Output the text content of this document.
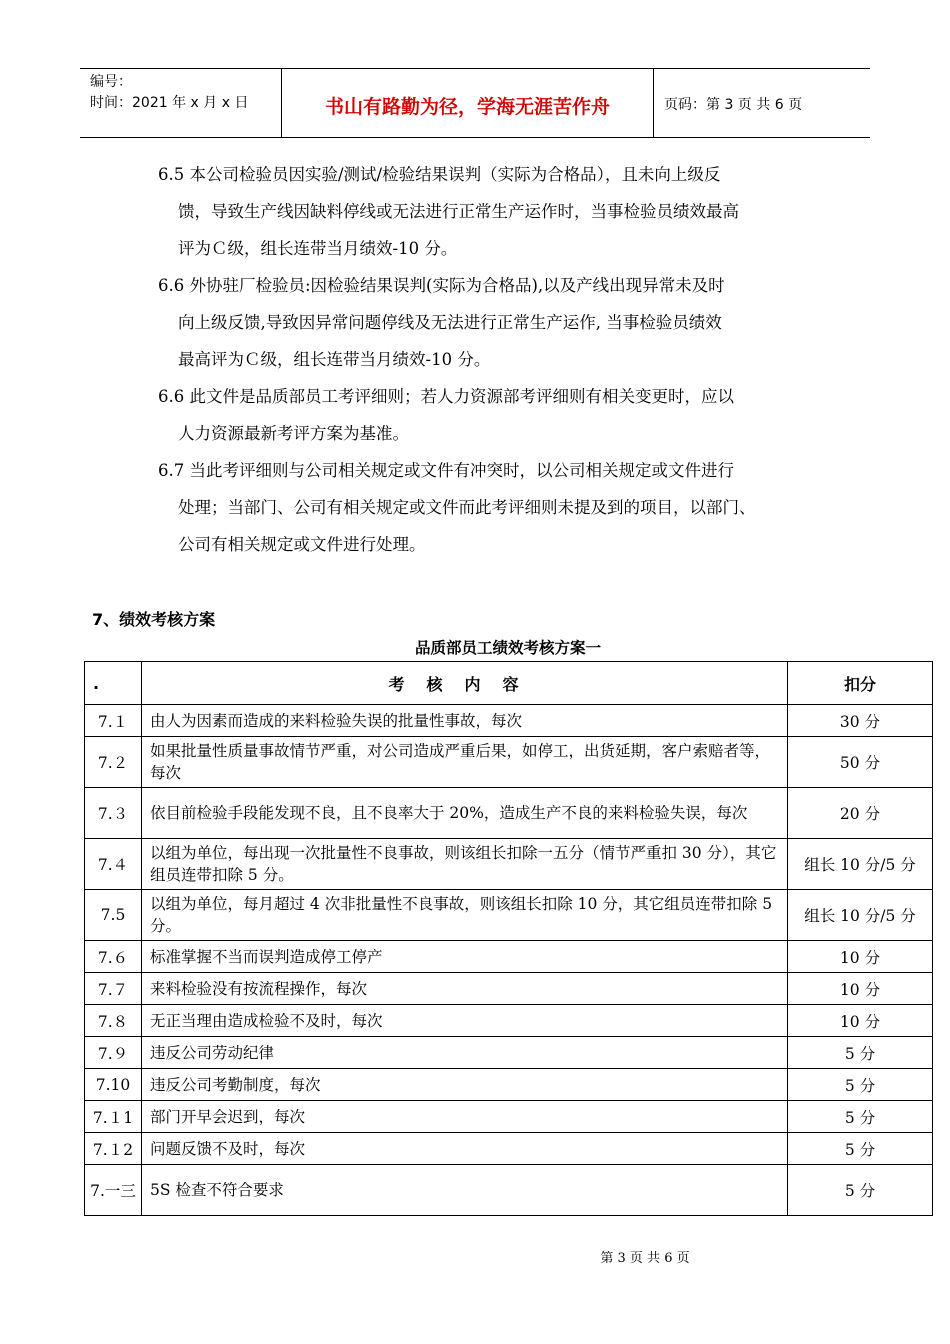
编号：
时间：2021 年 x 月 x 日	书山有路勤为径，学海无涯苦作舟	页码：第 3 页 共 6 页
6.5 本公司检验员因实验/测试/检验结果误判（实际为合格品），且未向上级反
馈，导致生产线因缺料停线或无法进行正常生产运作时，当事检验员绩效最高
评为Ｃ级，组长连带当月绩效-10 分。
6.6 外协驻厂检验员:因检验结果误判(实际为合格品),以及产线出现异常未及时
向上级反馈,导致因异常问题停线及无法进行正常生产运作, 当事检验员绩效
最高评为Ｃ级，组长连带当月绩效-10 分。
6.6 此文件是品质部员工考评细则；若人力资源部考评细则有相关变更时，应以
人力资源最新考评方案为基准。
6.7 当此考评细则与公司相关规定或文件有冲突时，以公司相关规定或文件进行
处理；当部门、公司有相关规定或文件而此考评细则未提及到的项目，以部门、
公司有相关规定或文件进行处理。
7、绩效考核方案
品质部员工绩效考核方案一
.	考核内容	扣分
7.１	由人为因素而造成的来料检验失误的批量性事故，每次	30 分
7.２	如果批量性质量事故情节严重，对公司造成严重后果，如停工，出货延期，客户索赔者等，每次	50 分
7.３	依目前检验手段能发现不良，且不良率大于 20%，造成生产不良的来料检验失误，每次	20 分
7.４	以组为单位，每出现一次批量性不良事故，则该组长扣除一五分（情节严重扣 30 分），其它组员连带扣除 5 分。	组长 10 分/5 分
7.5	以组为单位，每月超过 4 次非批量性不良事故，则该组长扣除 10 分，其它组员连带扣除 5 分。	组长 10 分/5 分
7.６	标准掌握不当而误判造成停工停产	10 分
7.７	来料检验没有按流程操作，每次	10 分
7.８	无正当理由造成检验不及时，每次	10 分
7.９	违反公司劳动纪律	5 分
7.10	违反公司考勤制度，每次	5 分
7.１1	部门开早会迟到，每次	5 分
7.１2	问题反馈不及时，每次	5 分
7.一三	5S 检查不符合要求	5 分
第 3 页 共 6 页
